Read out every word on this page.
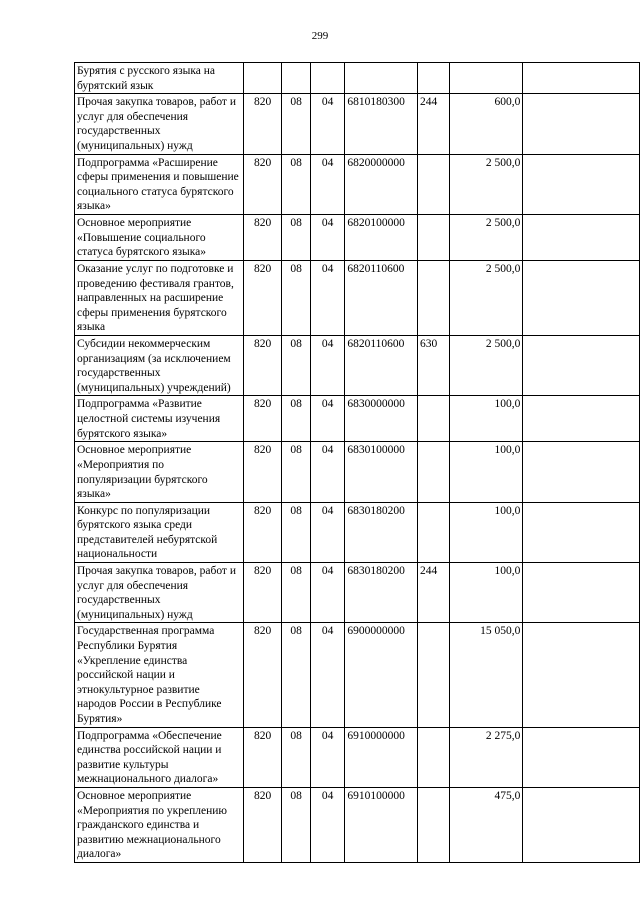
299
Бурятия с русского языка на бурятский язык							
Прочая закупка товаров, работ и услуг для обеспечения государственных (муниципальных) нужд	820	08	04	6810180300	244	600,0	
Подпрограмма «Расширение сферы применения и повышение социального статуса бурятского языка»	820	08	04	6820000000		2 500,0	
Основное мероприятие «Повышение социального статуса бурятского языка»	820	08	04	6820100000		2 500,0	
Оказание услуг по подготовке и проведению фестиваля грантов, направленных на расширение сферы применения бурятского языка	820	08	04	6820110600		2 500,0	
Субсидии некоммерческим организациям (за исключением государственных (муниципальных) учреждений)	820	08	04	6820110600	630	2 500,0	
Подпрограмма «Развитие целостной системы изучения бурятского языка»	820	08	04	6830000000		100,0	
Основное мероприятие «Мероприятия по популяризации бурятского языка»	820	08	04	6830100000		100,0	
Конкурс по популяризации бурятского языка среди представителей небурятской национальности	820	08	04	6830180200		100,0	
Прочая закупка товаров, работ и услуг для обеспечения государственных (муниципальных) нужд	820	08	04	6830180200	244	100,0	
Государственная программа Республики Бурятия «Укрепление единства российской нации и этнокультурное развитие народов России в Республике Бурятия»	820	08	04	6900000000		15 050,0	
Подпрограмма «Обеспечение единства российской нации и развитие культуры межнационального диалога»	820	08	04	6910000000		2 275,0	
Основное мероприятие «Мероприятия по укреплению гражданского единства и развитию межнационального диалога»	820	08	04	6910100000		475,0	
